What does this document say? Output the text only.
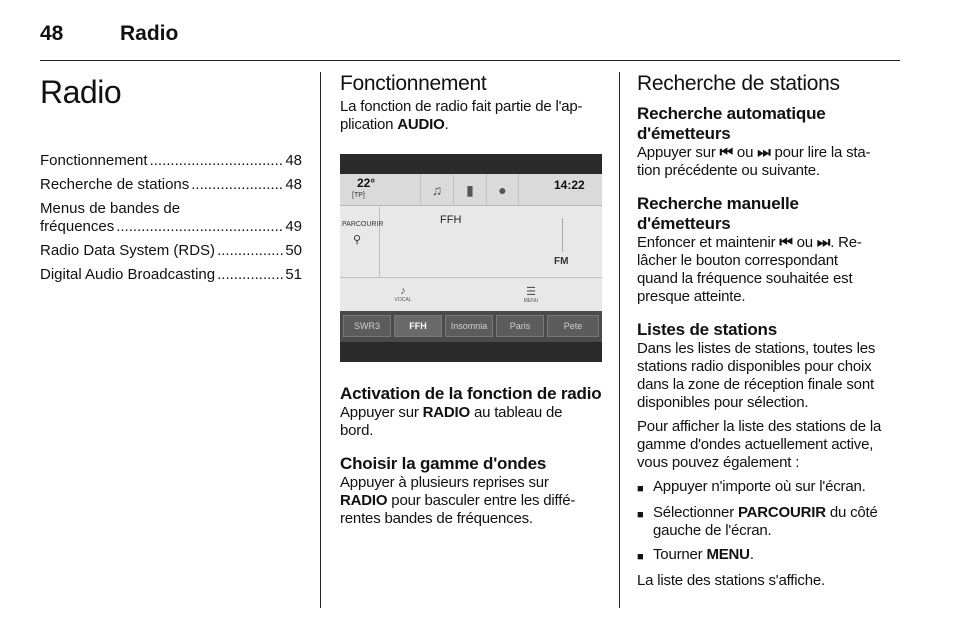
48	Radio
Radio
Fonctionnement .....	48
Recherche de stations .....	48
Menus de bandes de
fréquences .....	49
Radio Data System (RDS) .....	50
Digital Audio Broadcasting .....	51
Fonctionnement

La fonction de radio fait partie de l'ap-
plication AUDIO.

22°
[TP]	♫	▮	●	14:22
PARCOURIR
⚲
FFH
FM
♪
VOCAL
☰
MENU
SWR3	FFH	Insomnia	Paris	Pete
Activation de la fonction de radio

Appuyer sur RADIO au tableau de
bord.

Choisir la gamme d'ondes

Appuyer à plusieurs reprises sur
RADIO pour basculer entre les diffé-
rentes bandes de fréquences.

Recherche de stations
Recherche automatique
d'émetteurs

Appuyer sur ⏮ ou ⏭ pour lire la sta-
tion précédente ou suivante.

Recherche manuelle
d'émetteurs

Enfoncer et maintenir ⏮ ou ⏭. Re-
lâcher le bouton correspondant
quand la fréquence souhaitée est
presque atteinte.

Listes de stations

Dans les listes de stations, toutes les
stations radio disponibles pour choix
dans la zone de réception finale sont
disponibles pour sélection.

Pour afficher la liste des stations de la
gamme d'ondes actuellement active,
vous pouvez également :

■ Appuyer n'importe où sur l'écran.
■ Sélectionner PARCOURIR du côté
gauche de l'écran.
■ Tourner MENU.

La liste des stations s'affiche.
